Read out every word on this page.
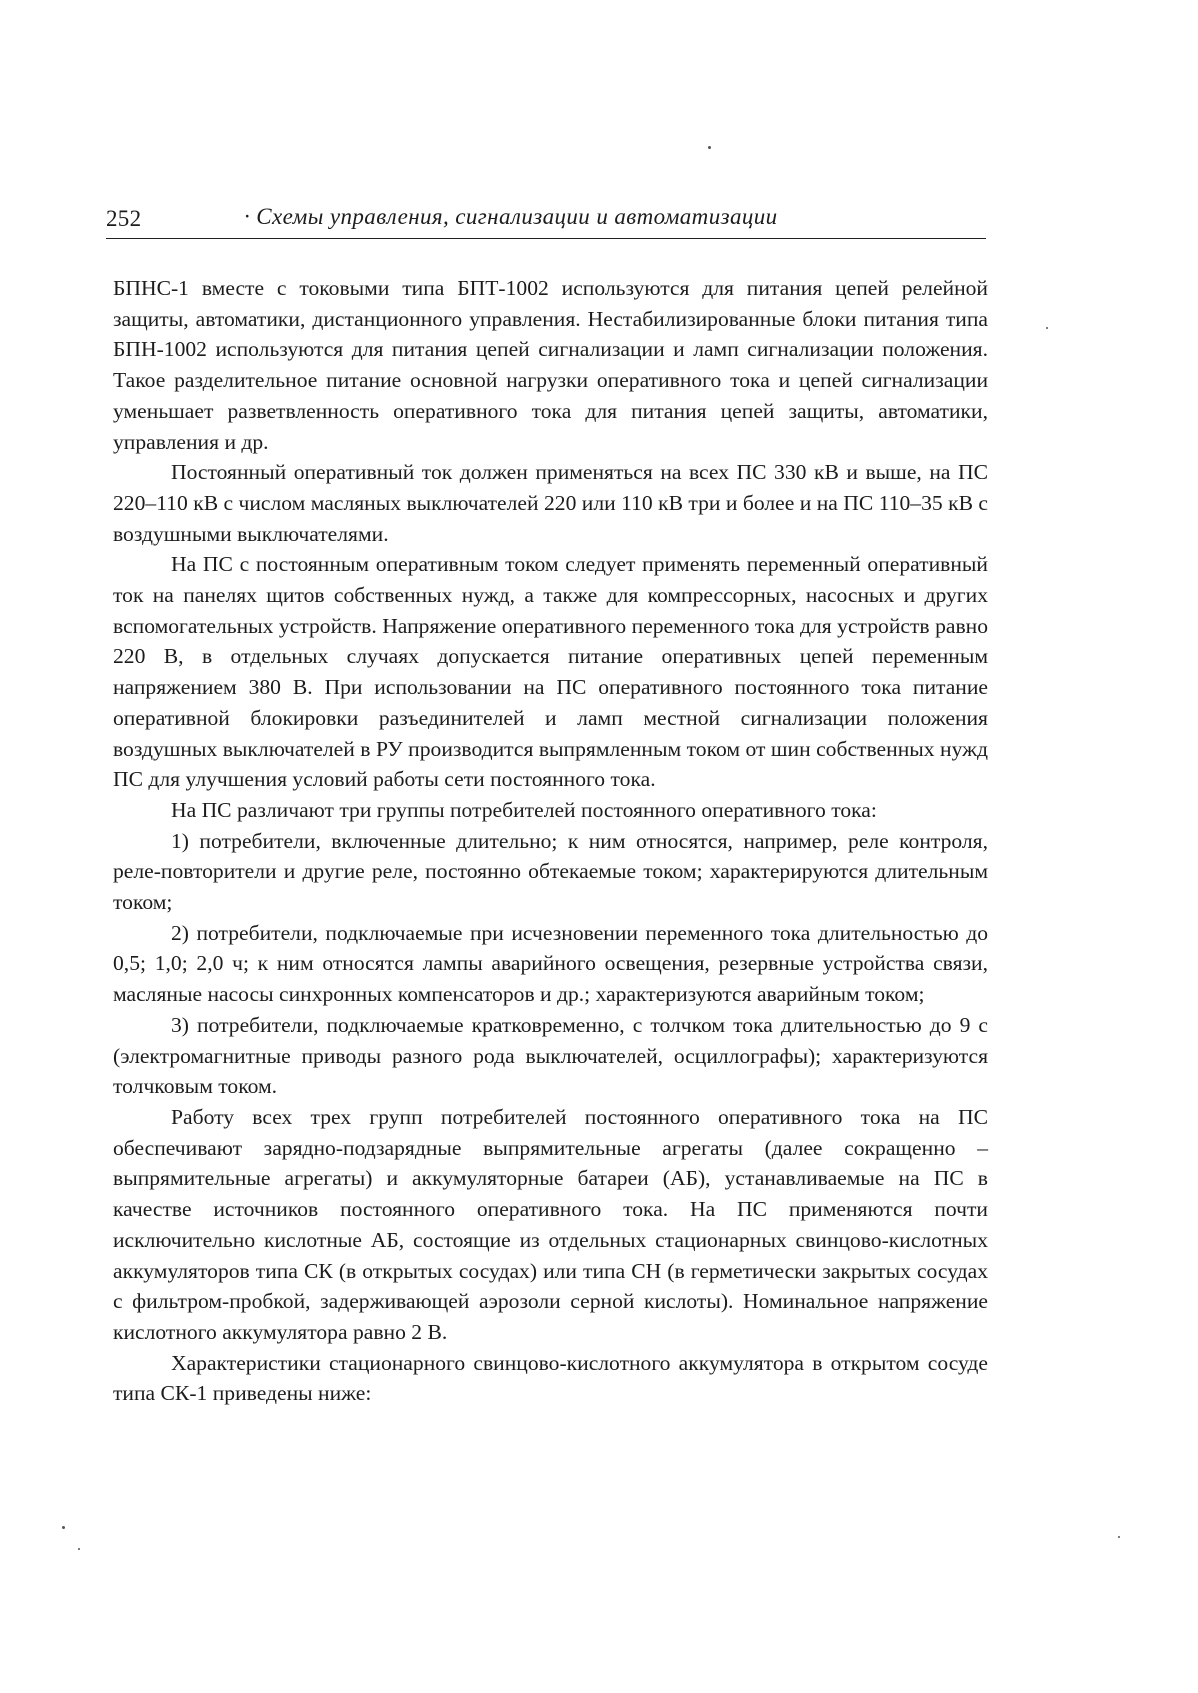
252	· Схемы управления, сигнализации и автоматизации

БПНС-1 вместе с токовыми типа БПТ-1002 используются для питания цепей релейной защиты, автоматики, дистанционного управления. Нестабилизированные блоки питания типа БПН-1002 используются для питания цепей сигнализации и ламп сигнализации положения. Такое разделительное питание основной нагрузки оперативного тока и цепей сигнализации уменьшает разветвленность оперативного тока для питания цепей защиты, автоматики, управления и др.

Постоянный оперативный ток должен применяться на всех ПС 330 кВ и выше, на ПС 220–110 кВ с числом масляных выключателей 220 или 110 кВ три и более и на ПС 110–35 кВ с воздушными выключателями.

На ПС с постоянным оперативным током следует применять переменный оперативный ток на панелях щитов собственных нужд, а также для компрессорных, насосных и других вспомогательных устройств. Напряжение оперативного переменного тока для устройств равно 220 В, в отдельных случаях допускается питание оперативных цепей переменным напряжением 380 В. При использовании на ПС оперативного постоянного тока питание оперативной блокировки разъединителей и ламп местной сигнализации положения воздушных выключателей в РУ производится выпрямленным током от шин собственных нужд ПС для улучшения условий работы сети постоянного тока.

На ПС различают три группы потребителей постоянного оперативного тока:

1) потребители, включенные длительно; к ним относятся, например, реле контроля, реле-повторители и другие реле, постоянно обтекаемые током; характерируются длительным током;

2) потребители, подключаемые при исчезновении переменного тока длительностью до 0,5; 1,0; 2,0 ч; к ним относятся лампы аварийного освещения, резервные устройства связи, масляные насосы синхронных компенсаторов и др.; характеризуются аварийным током;

3) потребители, подключаемые кратковременно, с толчком тока длительностью до 9 с (электромагнитные приводы разного рода выключателей, осциллографы); характеризуются толчковым током.

Работу всех трех групп потребителей постоянного оперативного тока на ПС обеспечивают зарядно-подзарядные выпрямительные агрегаты (далее сокращенно – выпрямительные агрегаты) и аккумуляторные батареи (АБ), устанавливаемые на ПС в качестве источников постоянного оперативного тока. На ПС применяются почти исключительно кислотные АБ, состоящие из отдельных стационарных свинцово-кислотных аккумуляторов типа СК (в открытых сосудах) или типа СН (в герметически закрытых сосудах с фильтром-пробкой, задерживающей аэрозоли серной кислоты). Номинальное напряжение кислотного аккумулятора равно 2 В.

Характеристики стационарного свинцово-кислотного аккумулятора в открытом сосуде типа СК-1 приведены ниже:
